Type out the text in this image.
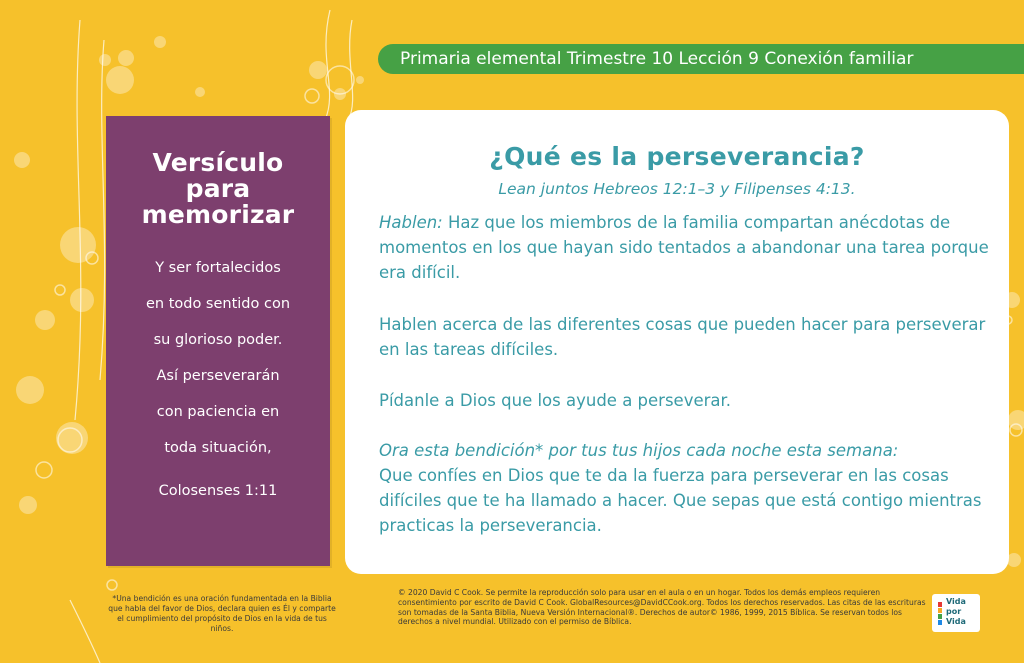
Primaria elemental Trimestre 10 Lección 9 Conexión familiar
Versículo
para
memorizar
Y ser fortalecidos
en todo sentido con
su glorioso poder.
Así perseverarán
con paciencia en
toda situación,
Colosenses 1:11
¿Qué es la perseverancia?
Lean juntos Hebreos 12:1–3 y Filipenses 4:13.
Hablen: Haz que los miembros de la familia compartan anécdotas de momentos en los que hayan sido tentados a abandonar una tarea porque era difícil.
Hablen acerca de las diferentes cosas que pueden hacer para perseverar en las tareas difíciles.
Pídanle a Dios que los ayude a perseverar.
Ora esta bendición* por tus tus hijos cada noche esta semana:
Que confíes en Dios que te da la fuerza para perseverar en las cosas difíciles que te ha llamado a hacer. Que sepas que está contigo mientras practicas la perseverancia.
*Una bendición es una oración fundamentada en la Biblia que habla del favor de Dios, declara quien es Él y comparte el cumplimiento del propósito de Dios en la vida de tus niños.
© 2020 David C Cook. Se permite la reproducción solo para usar en el aula o en un hogar. Todos los demás empleos requieren consentimiento por escrito de David C Cook. GlobalResources@DavidCCook.org. Todos los derechos reservados. Las citas de las escrituras son tomadas de la Santa Biblia, Nueva Versión Internacional®. Derechos de autor© 1986, 1999, 2015 Bíblica. Se reservan todos los derechos a nivel mundial. Utilizado con el permiso de Bíblica.
Vida
por
Vida
